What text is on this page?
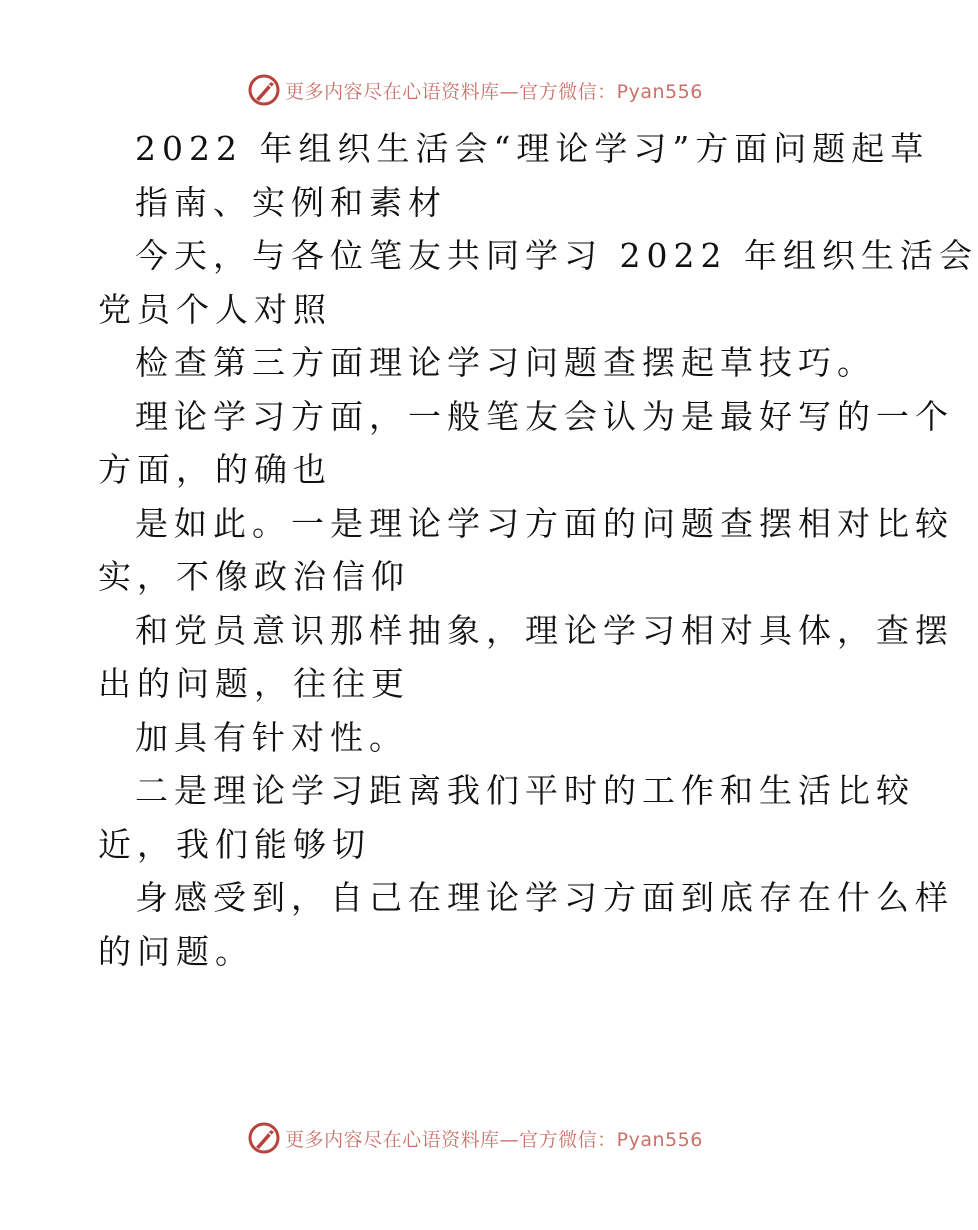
更多内容尽在心语资料库—官方微信：Pyan556
2022 年组织生活会“理论学习”方面问题起草
指南、实例和素材
今天，与各位笔友共同学习 2022 年组织生活会
党员个人对照
检查第三方面理论学习问题查摆起草技巧。
理论学习方面，一般笔友会认为是最好写的一个
方面，的确也
是如此。一是理论学习方面的问题查摆相对比较
实，不像政治信仰
和党员意识那样抽象，理论学习相对具体，查摆
出的问题，往往更
加具有针对性。
二是理论学习距离我们平时的工作和生活比较
近，我们能够切
身感受到，自己在理论学习方面到底存在什么样
的问题。
更多内容尽在心语资料库—官方微信：Pyan556
